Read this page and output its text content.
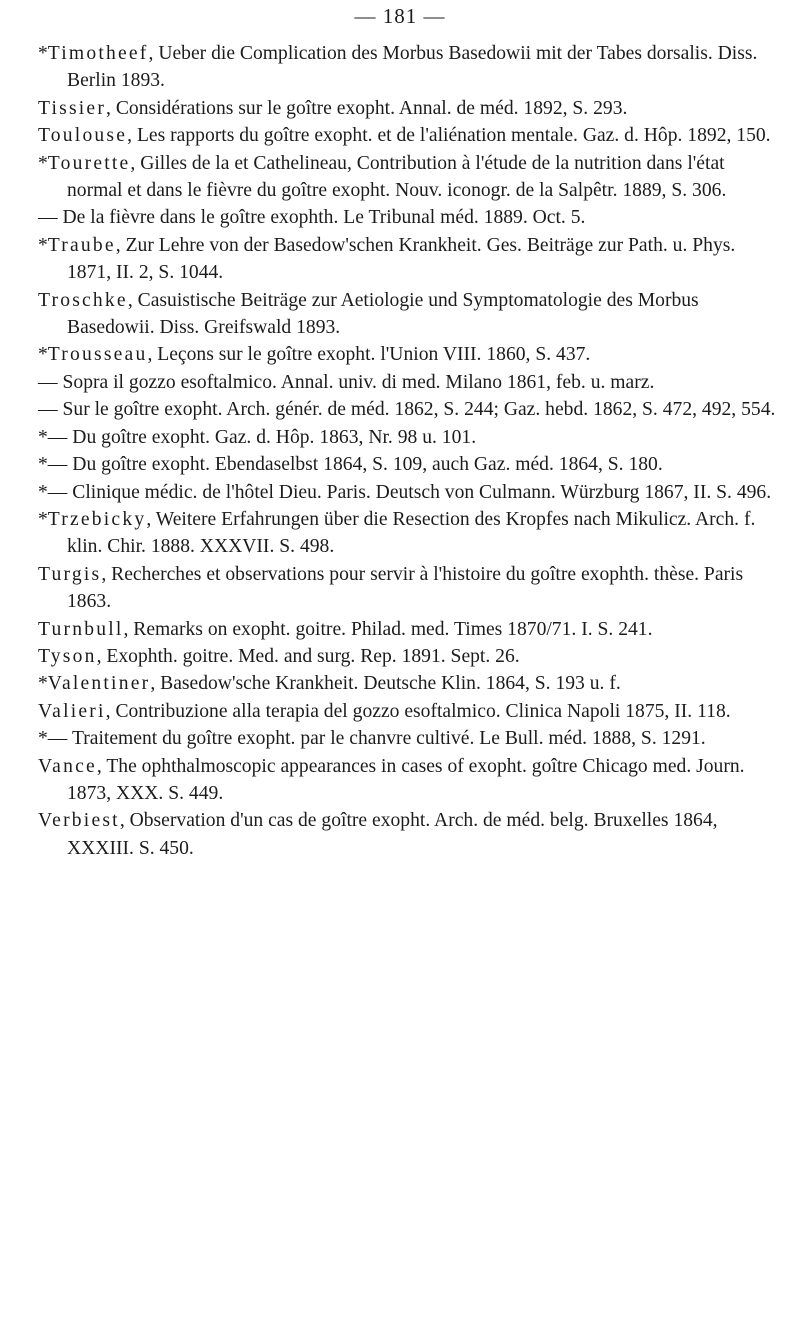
— 181 —

*Timotheef, Ueber die Complication des Morbus Basedowii mit der Tabes dorsalis. Diss. Berlin 1893.

Tissier, Considérations sur le goître exopht. Annal. de méd. 1892, S. 293.

Toulouse, Les rapports du goître exopht. et de l'aliénation mentale. Gaz. d. Hôp. 1892, 150.

*Tourette, Gilles de la et Cathelineau, Contribution à l'étude de la nutrition dans l'état normal et dans le fièvre du goître exopht. Nouv. iconogr. de la Salpêtr. 1889, S. 306.

— De la fièvre dans le goître exophth. Le Tribunal méd. 1889. Oct. 5.

*Traube, Zur Lehre von der Basedow'schen Krankheit. Ges. Beiträge zur Path. u. Phys. 1871, II. 2, S. 1044.

Troschke, Casuistische Beiträge zur Aetiologie und Symptomatologie des Morbus Basedowii. Diss. Greifswald 1893.

*Trousseau, Leçons sur le goître exopht. l'Union VIII. 1860, S. 437.

— Sopra il gozzo esoftalmico. Annal. univ. di med. Milano 1861, feb. u. marz.

— Sur le goître exopht. Arch. génér. de méd. 1862, S. 244; Gaz. hebd. 1862, S. 472, 492, 554.

*— Du goître exopht. Gaz. d. Hôp. 1863, Nr. 98 u. 101.

*— Du goître exopht. Ebendaselbst 1864, S. 109, auch Gaz. méd. 1864, S. 180.

*— Clinique médic. de l'hôtel Dieu. Paris. Deutsch von Culmann. Würzburg 1867, II. S. 496.

*Trzebicky, Weitere Erfahrungen über die Resection des Kropfes nach Mikulicz. Arch. f. klin. Chir. 1888. XXXVII. S. 498.

Turgis, Recherches et observations pour servir à l'histoire du goître exophth. thèse. Paris 1863.

Turnbull, Remarks on exopht. goitre. Philad. med. Times 1870/71. I. S. 241.

Tyson, Exophth. goitre. Med. and surg. Rep. 1891. Sept. 26.

*Valentiner, Basedow'sche Krankheit. Deutsche Klin. 1864, S. 193 u. f.

Valieri, Contribuzione alla terapia del gozzo esoftalmico. Clinica Napoli 1875, II. 118.

*— Traitement du goître exopht. par le chanvre cultivé. Le Bull. méd. 1888, S. 1291.

Vance, The ophthalmoscopic appearances in cases of exopht. goître Chicago med. Journ. 1873, XXX. S. 449.

Verbiest, Observation d'un cas de goître exopht. Arch. de méd. belg. Bruxelles 1864, XXXIII. S. 450.
